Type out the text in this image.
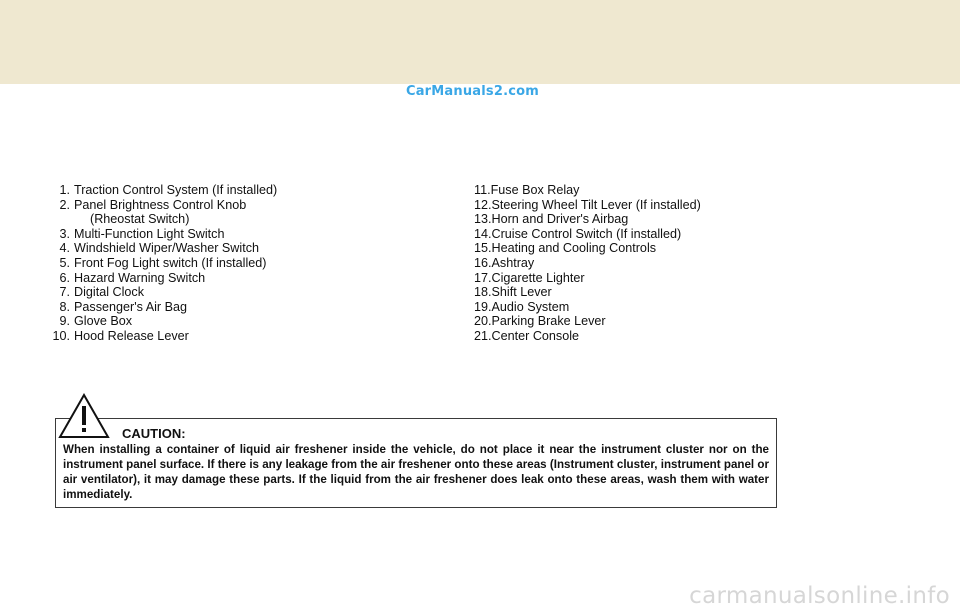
CarManuals2.com
1. Traction Control System (If installed)
2. Panel Brightness Control Knob
(Rheostat Switch)
3. Multi-Function Light Switch
4. Windshield Wiper/Washer Switch
5. Front Fog Light switch (If installed)
6. Hazard Warning Switch
7. Digital Clock
8. Passenger's Air Bag
9. Glove Box
10. Hood Release Lever
11. Fuse Box Relay
12. Steering Wheel Tilt Lever (If installed)
13. Horn and Driver's Airbag
14. Cruise Control Switch (If installed)
15. Heating and Cooling Controls
16. Ashtray
17. Cigarette Lighter
18. Shift Lever
19. Audio System
20. Parking Brake Lever
21. Center Console
CAUTION:
When installing a container of liquid air freshener inside the vehicle, do not place it near the instrument cluster nor on the instrument panel surface. If there is any leakage from the air freshener onto these areas (Instrument cluster, instrument panel or air ventilator), it may damage these parts. If the liquid from the air freshener does leak onto these areas, wash them with water immediately.
carmanualsonline.info
